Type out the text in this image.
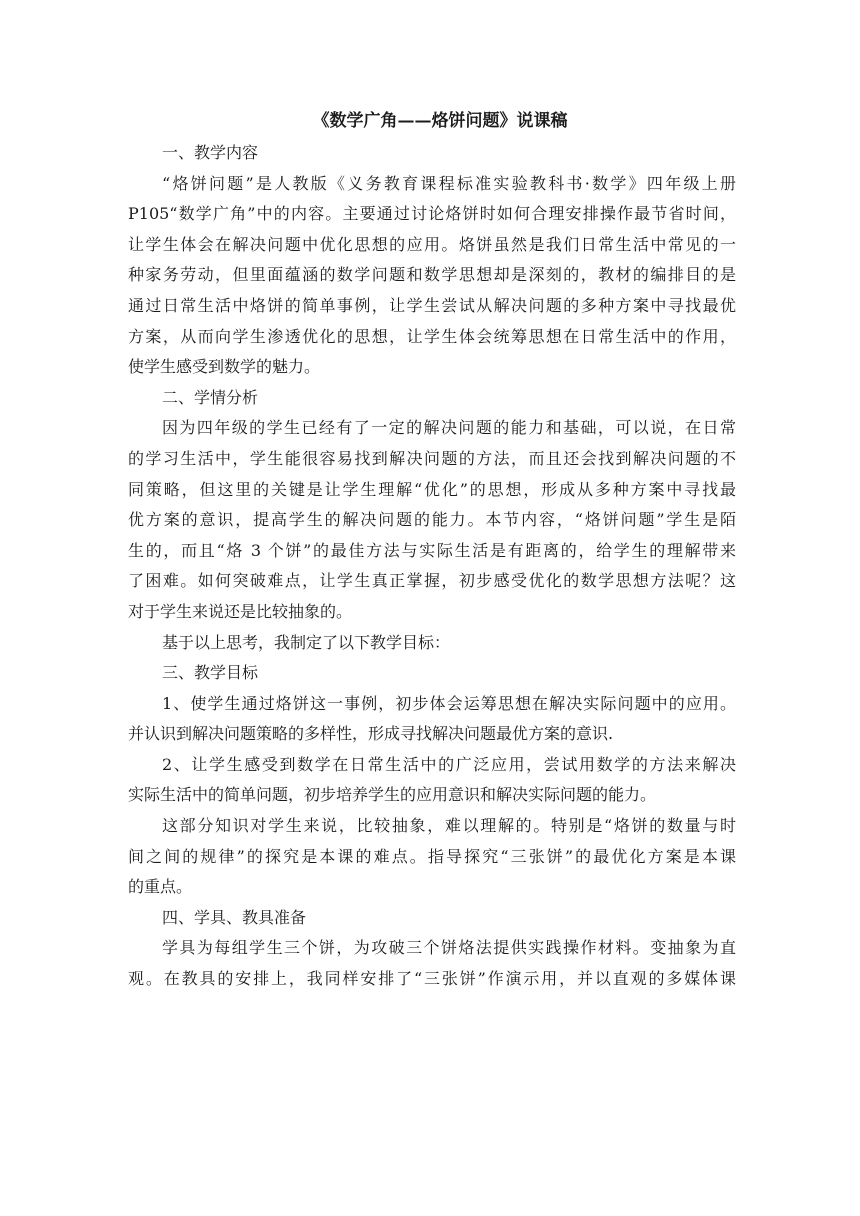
《数学广角——烙饼问题》说课稿

一、教学内容

“烙饼问题”是人教版《义务教育课程标准实验教科书·数学》四年级上册

P105“数学广角”中的内容。主要通过讨论烙饼时如何合理安排操作最节省时间，

让学生体会在解决问题中优化思想的应用。烙饼虽然是我们日常生活中常见的一

种家务劳动，但里面蕴涵的数学问题和数学思想却是深刻的，教材的编排目的是

通过日常生活中烙饼的简单事例，让学生尝试从解决问题的多种方案中寻找最优

方案，从而向学生渗透优化的思想，让学生体会统筹思想在日常生活中的作用，

使学生感受到数学的魅力。

二、学情分析

因为四年级的学生已经有了一定的解决问题的能力和基础，可以说，在日常

的学习生活中，学生能很容易找到解决问题的方法，而且还会找到解决问题的不

同策略，但这里的关键是让学生理解“优化”的思想，形成从多种方案中寻找最

优方案的意识，提高学生的解决问题的能力。本节内容，“烙饼问题”学生是陌

生的，而且“烙 3 个饼”的最佳方法与实际生活是有距离的，给学生的理解带来

了困难。如何突破难点，让学生真正掌握，初步感受优化的数学思想方法呢？这

对于学生来说还是比较抽象的。

基于以上思考，我制定了以下教学目标：

三、教学目标

1、使学生通过烙饼这一事例，初步体会运筹思想在解决实际问题中的应用。

并认识到解决问题策略的多样性，形成寻找解决问题最优方案的意识.

2、让学生感受到数学在日常生活中的广泛应用，尝试用数学的方法来解决

实际生活中的简单问题，初步培养学生的应用意识和解决实际问题的能力。

这部分知识对学生来说，比较抽象，难以理解的。特别是“烙饼的数量与时

间之间的规律”的探究是本课的难点。指导探究“三张饼”的最优化方案是本课

的重点。

四、学具、教具准备

学具为每组学生三个饼，为攻破三个饼烙法提供实践操作材料。变抽象为直

观。在教具的安排上，我同样安排了“三张饼”作演示用，并以直观的多媒体课
